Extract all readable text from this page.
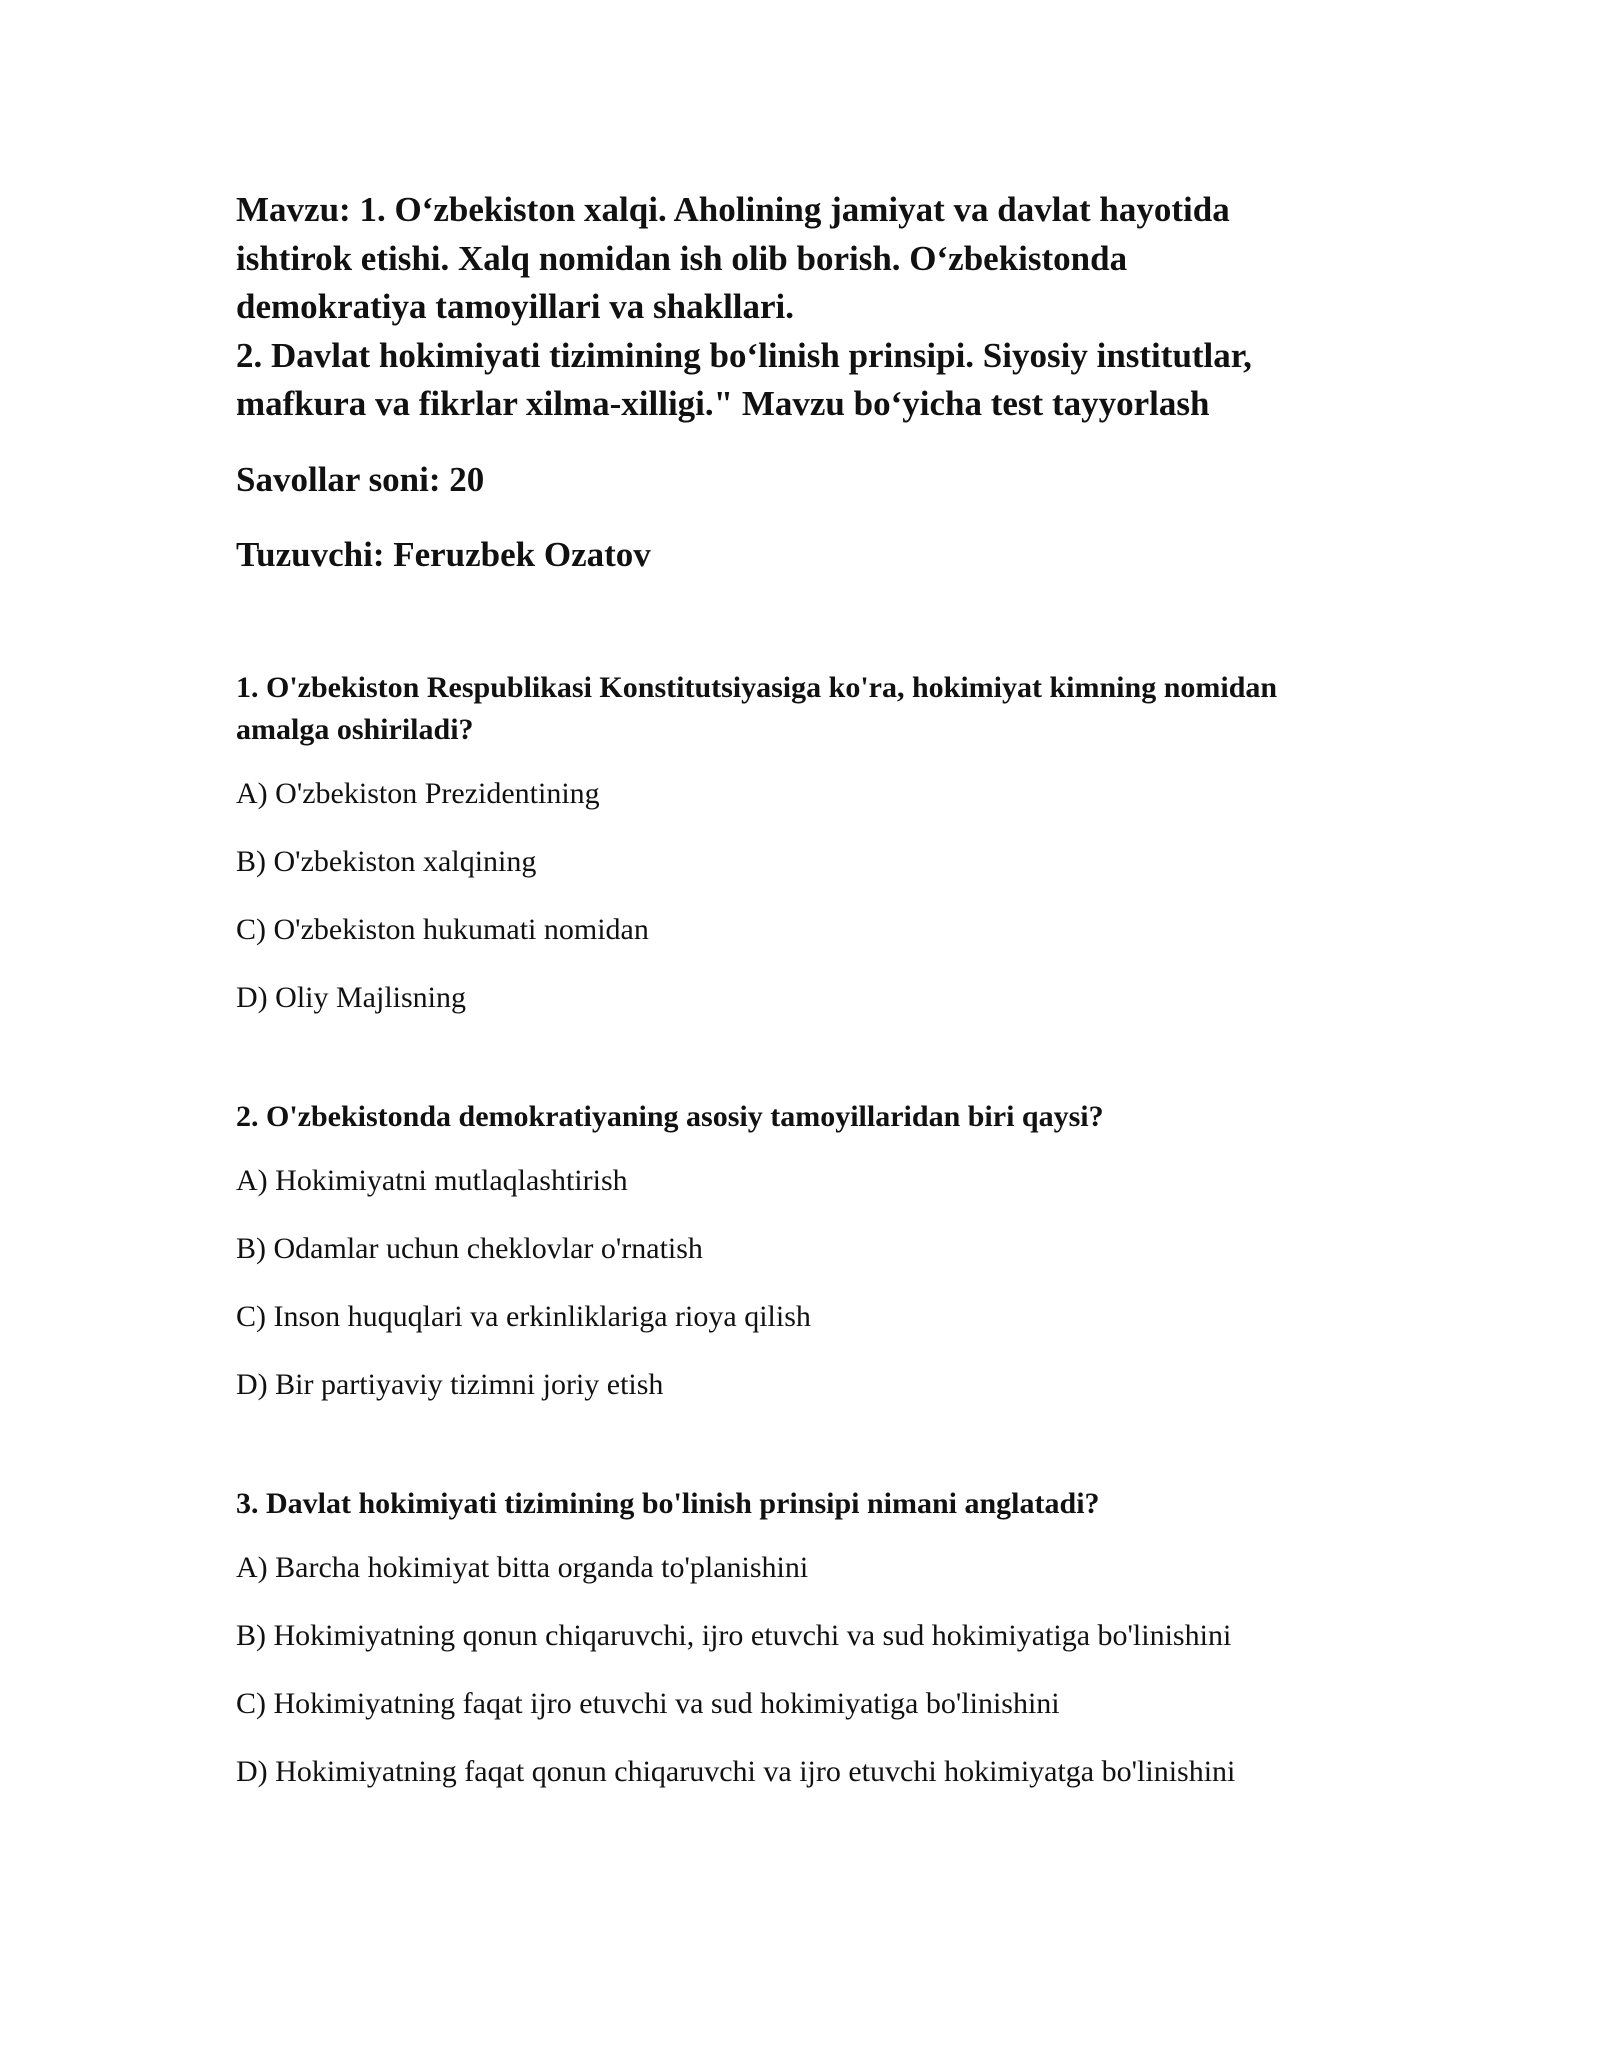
Mavzu: 1. O‘zbekiston xalqi. Aholining jamiyat va davlat hayotida
ishtirok etishi. Xalq nomidan ish olib borish. O‘zbekistonda
demokratiya tamoyillari va shakllari.
2. Davlat hokimiyati tizimining bo‘linish prinsipi. Siyosiy institutlar,
mafkura va fikrlar xilma-xilligi." Mavzu bo‘yicha test tayyorlash
Savollar soni: 20
Tuzuvchi: Feruzbek Ozatov
1. O'zbekiston Respublikasi Konstitutsiyasiga ko'ra, hokimiyat kimning nomidan
amalga oshiriladi?
A) O'zbekiston Prezidentining
B) O'zbekiston xalqining
C) O'zbekiston hukumati nomidan
D) Oliy Majlisning
2. O'zbekistonda demokratiyaning asosiy tamoyillaridan biri qaysi?
A) Hokimiyatni mutlaqlashtirish
B) Odamlar uchun cheklovlar o'rnatish
C) Inson huquqlari va erkinliklariga rioya qilish
D) Bir partiyaviy tizimni joriy etish
3. Davlat hokimiyati tizimining bo'linish prinsipi nimani anglatadi?
A) Barcha hokimiyat bitta organda to'planishini
B) Hokimiyatning qonun chiqaruvchi, ijro etuvchi va sud hokimiyatiga bo'linishini
C) Hokimiyatning faqat ijro etuvchi va sud hokimiyatiga bo'linishini
D) Hokimiyatning faqat qonun chiqaruvchi va ijro etuvchi hokimiyatga bo'linishini
